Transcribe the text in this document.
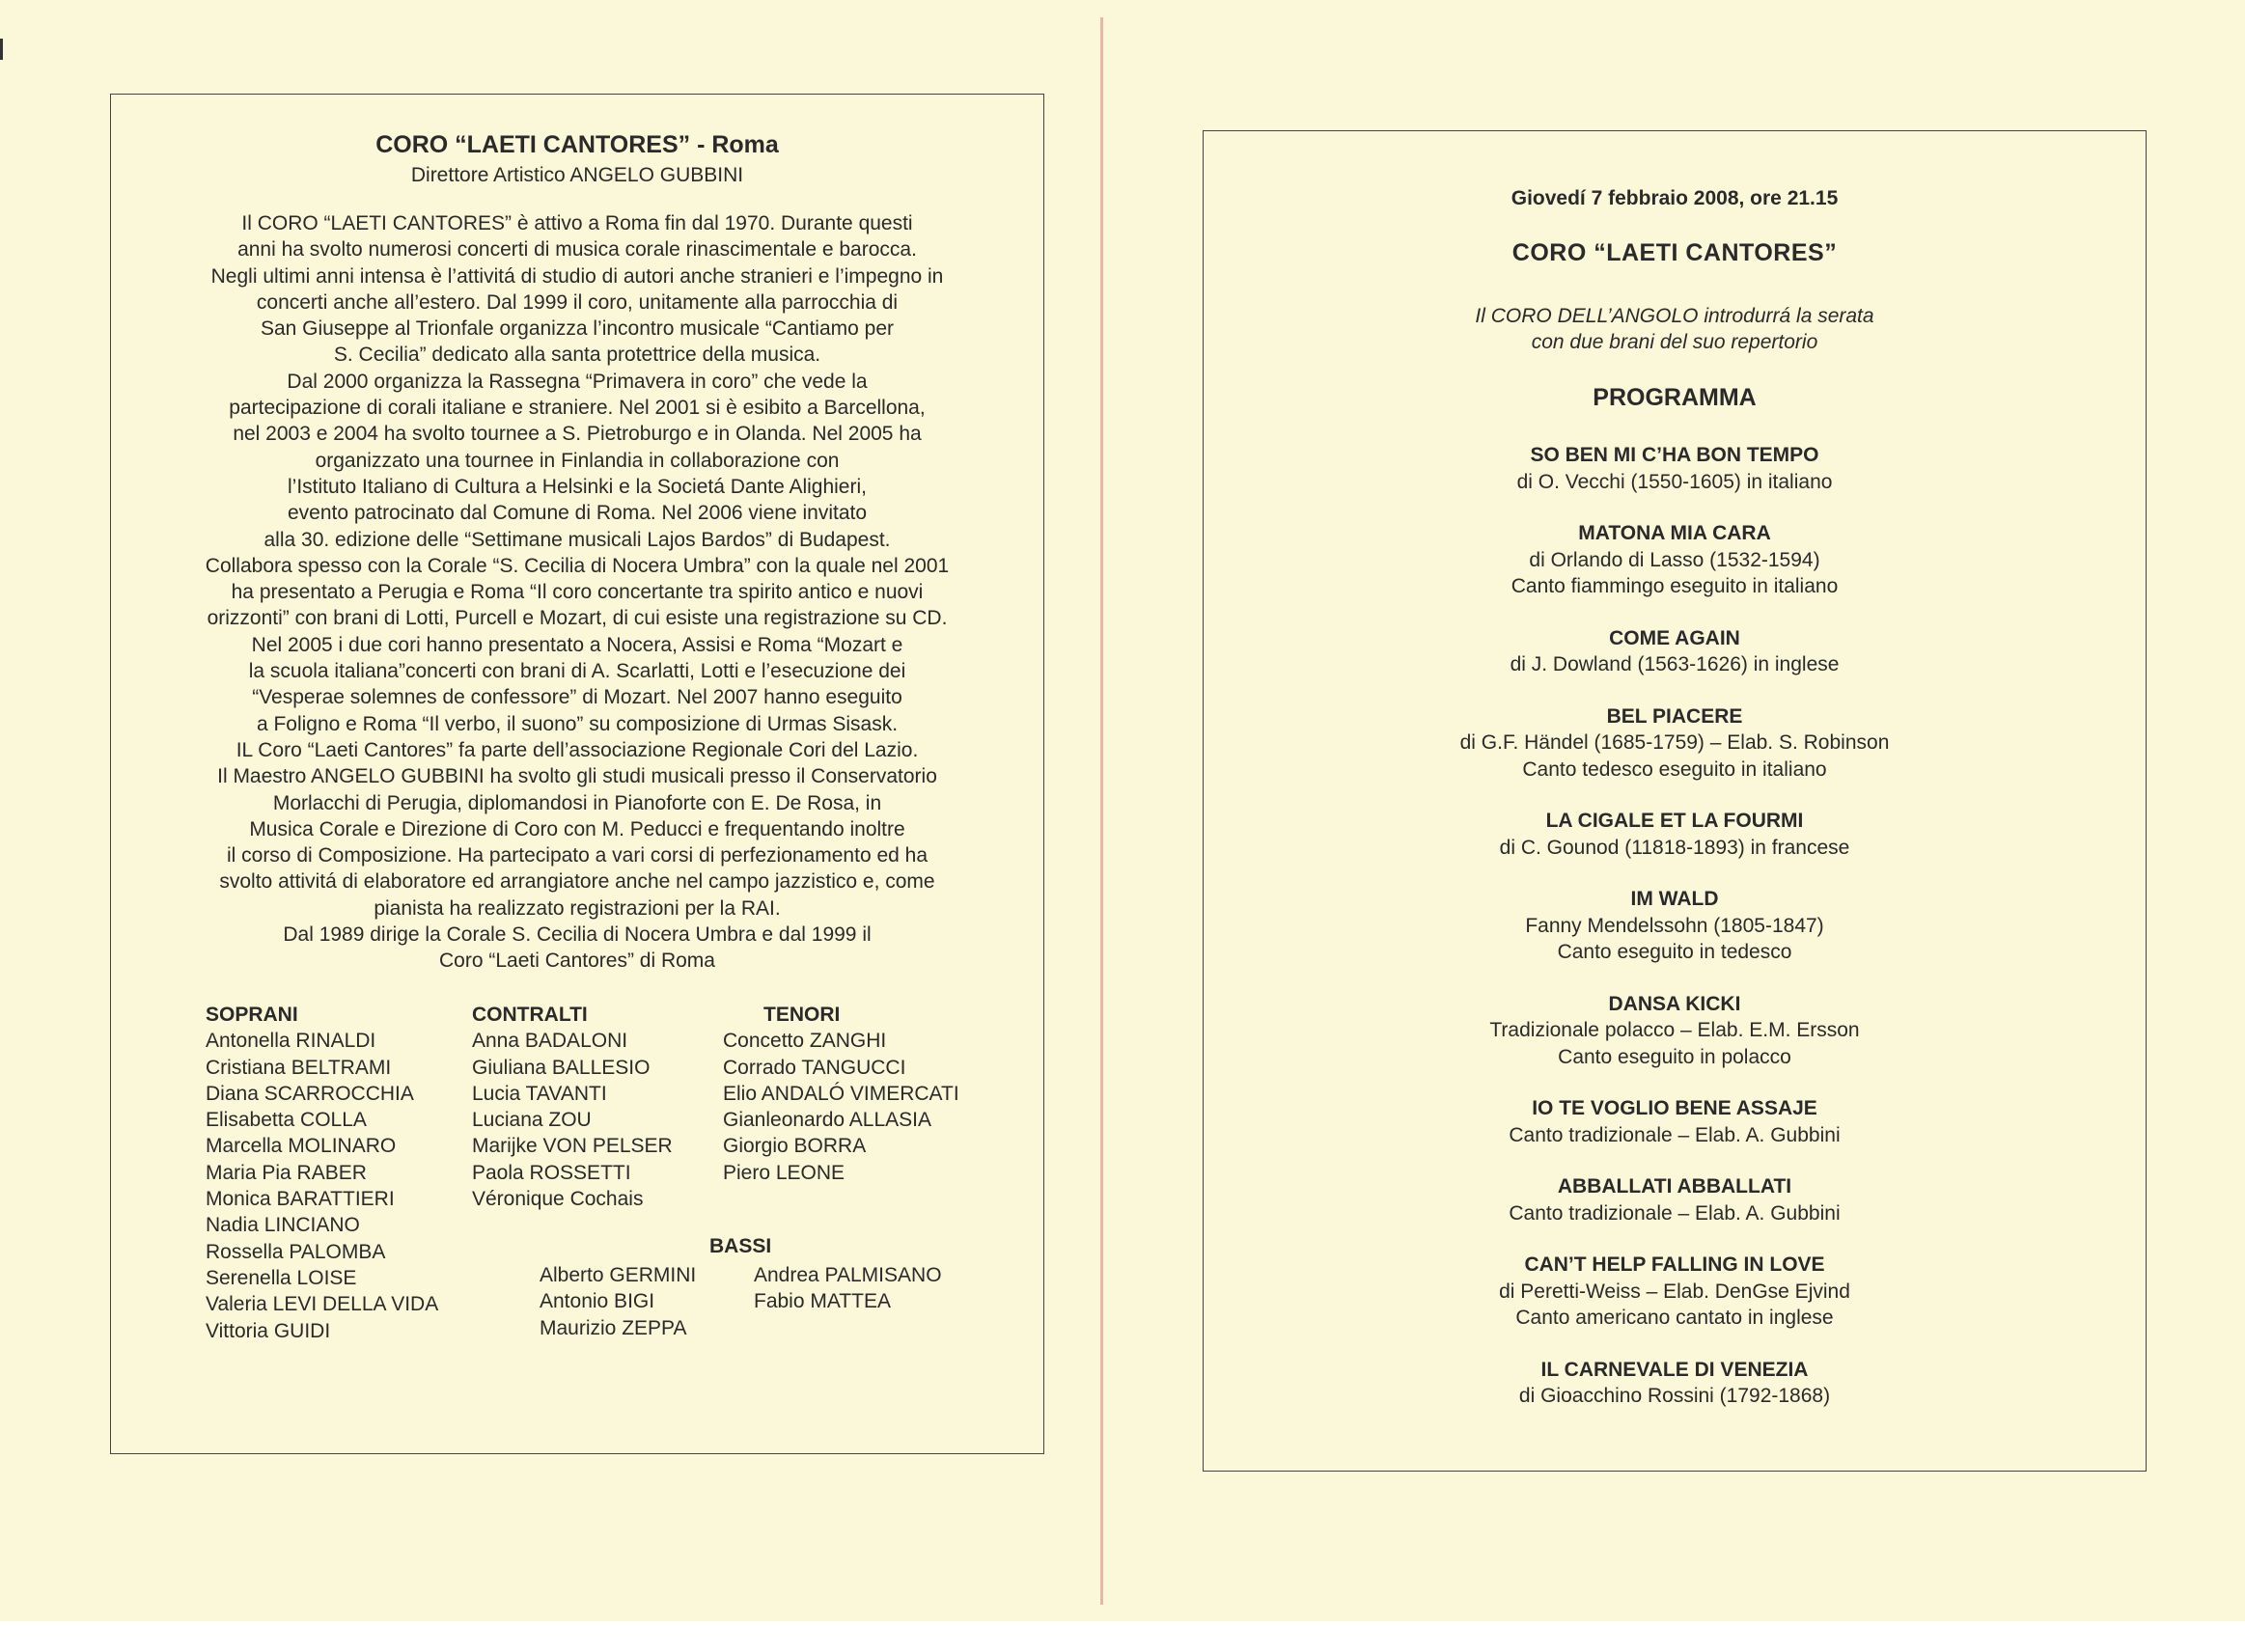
CORO “LAETI CANTORES” - Roma
Direttore Artistico ANGELO GUBBINI

Il CORO “LAETI CANTORES” è attivo a Roma fin dal 1970. Durante questi

anni ha svolto numerosi concerti di musica corale rinascimentale e barocca.

Negli ultimi anni intensa è l’attivitá di studio di autori anche stranieri e l’impegno in

concerti anche all’estero. Dal 1999 il coro, unitamente alla parrocchia di

San Giuseppe al Trionfale organizza l’incontro musicale “Cantiamo per

S. Cecilia” dedicato alla santa protettrice della musica.

Dal 2000 organizza la Rassegna “Primavera in coro” che vede la

partecipazione di corali italiane e straniere. Nel 2001 si è esibito a Barcellona,

nel 2003 e 2004 ha svolto tournee a S. Pietroburgo e in Olanda. Nel 2005 ha

organizzato una tournee in Finlandia in collaborazione con

l’Istituto Italiano di Cultura a Helsinki e la Societá Dante Alighieri,

evento patrocinato dal Comune di Roma. Nel 2006 viene invitato

alla 30. edizione delle “Settimane musicali Lajos Bardos” di Budapest.

Collabora spesso con la Corale “S. Cecilia di Nocera Umbra” con la quale nel 2001

ha presentato a Perugia e Roma “Il coro concertante tra spirito antico e nuovi

orizzonti” con brani di Lotti, Purcell e Mozart, di cui esiste una registrazione su CD.

Nel 2005 i due cori hanno presentato a Nocera, Assisi e Roma “Mozart e

la scuola italiana”concerti con brani di A. Scarlatti, Lotti e l’esecuzione dei

“Vesperae solemnes de confessore” di Mozart. Nel 2007 hanno eseguito

a Foligno e Roma “Il verbo, il suono” su composizione di Urmas Sisask.

IL Coro “Laeti Cantores” fa parte dell’associazione Regionale Cori del Lazio.

Il Maestro ANGELO GUBBINI ha svolto gli studi musicali presso il Conservatorio

Morlacchi di Perugia, diplomandosi in Pianoforte con E. De Rosa, in

Musica Corale e Direzione di Coro con M. Peducci e frequentando inoltre

il corso di Composizione. Ha partecipato a vari corsi di perfezionamento ed ha

svolto attivitá di elaboratore ed arrangiatore anche nel campo jazzistico e, come

pianista ha realizzato registrazioni per la RAI.

Dal 1989 dirige la Corale S. Cecilia di Nocera Umbra e dal 1999 il

Coro “Laeti Cantores” di Roma

SOPRANI
Antonella RINALDI
Cristiana BELTRAMI
Diana SCARROCCHIA
Elisabetta COLLA
Marcella MOLINARO
Maria Pia RABER
Monica BARATTIERI
Nadia LINCIANO
Rossella PALOMBA
Serenella LOISE
Valeria LEVI DELLA VIDA
Vittoria GUIDI
CONTRALTI
Anna BADALONI
Giuliana BALLESIO
Lucia TAVANTI
Luciana ZOU
Marijke VON PELSER
Paola ROSSETTI
Véronique Cochais
TENORI
Concetto ZANGHI
Corrado TANGUCCI
Elio ANDALÓ VIMERCATI
Gianleonardo ALLASIA
Giorgio BORRA
Piero LEONE
BASSI
Alberto GERMINI
Antonio BIGI
Maurizio ZEPPA
Andrea PALMISANO
Fabio MATTEA
Giovedí 7 febbraio 2008, ore 21.15
CORO “LAETI CANTORES”
Il CORO DELL’ANGOLO introdurrá la serata
con due brani del suo repertorio
PROGRAMMA
SO BEN MI C’HA BON TEMPO
di O. Vecchi (1550-1605) in italiano
MATONA MIA CARA
di Orlando di Lasso (1532-1594)
Canto fiammingo eseguito in italiano
COME AGAIN
di J. Dowland (1563-1626) in inglese
BEL PIACERE
di G.F. Händel (1685-1759) – Elab. S. Robinson
Canto tedesco eseguito in italiano
LA CIGALE ET LA FOURMI
di C. Gounod (11818-1893) in francese
IM WALD
Fanny Mendelssohn (1805-1847)
Canto eseguito in tedesco
DANSA KICKI
Tradizionale polacco – Elab. E.M. Ersson
Canto eseguito in polacco
IO TE VOGLIO BENE ASSAJE
Canto tradizionale – Elab. A. Gubbini
ABBALLATI ABBALLATI
Canto tradizionale – Elab. A. Gubbini
CAN’T HELP FALLING IN LOVE
di Peretti-Weiss – Elab. DenGse Ejvind
Canto americano cantato in inglese
IL CARNEVALE DI VENEZIA
di Gioacchino Rossini (1792-1868)
